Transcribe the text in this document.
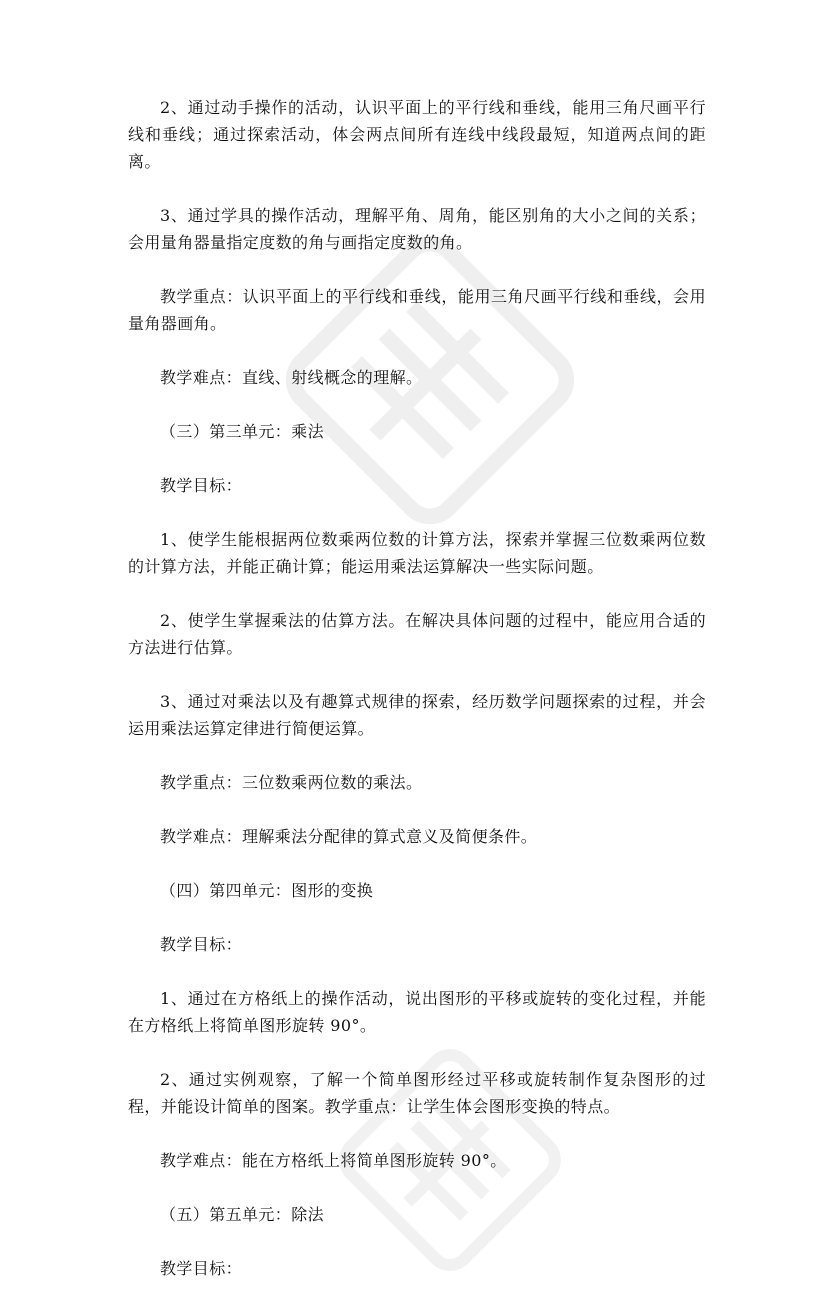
2、通过动手操作的活动，认识平面上的平行线和垂线，能用三角尺画平行线和垂线；通过探索活动，体会两点间所有连线中线段最短，知道两点间的距离。

3、通过学具的操作活动，理解平角、周角，能区别角的大小之间的关系；会用量角器量指定度数的角与画指定度数的角。

教学重点：认识平面上的平行线和垂线，能用三角尺画平行线和垂线，会用量角器画角。

教学难点：直线、射线概念的理解。

（三）第三单元：乘法

教学目标：

1、使学生能根据两位数乘两位数的计算方法，探索并掌握三位数乘两位数的计算方法，并能正确计算；能运用乘法运算解决一些实际问题。

2、使学生掌握乘法的估算方法。在解决具体问题的过程中，能应用合适的方法进行估算。

3、通过对乘法以及有趣算式规律的探索，经历数学问题探索的过程，并会运用乘法运算定律进行简便运算。

教学重点：三位数乘两位数的乘法。

教学难点：理解乘法分配律的算式意义及简便条件。

（四）第四单元：图形的变换

教学目标：

1、通过在方格纸上的操作活动，说出图形的平移或旋转的变化过程，并能在方格纸上将简单图形旋转 90°。

2、通过实例观察，了解一个简单图形经过平移或旋转制作复杂图形的过程，并能设计简单的图案。教学重点：让学生体会图形变换的特点。

教学难点：能在方格纸上将简单图形旋转 90°。

（五）第五单元：除法

教学目标：
